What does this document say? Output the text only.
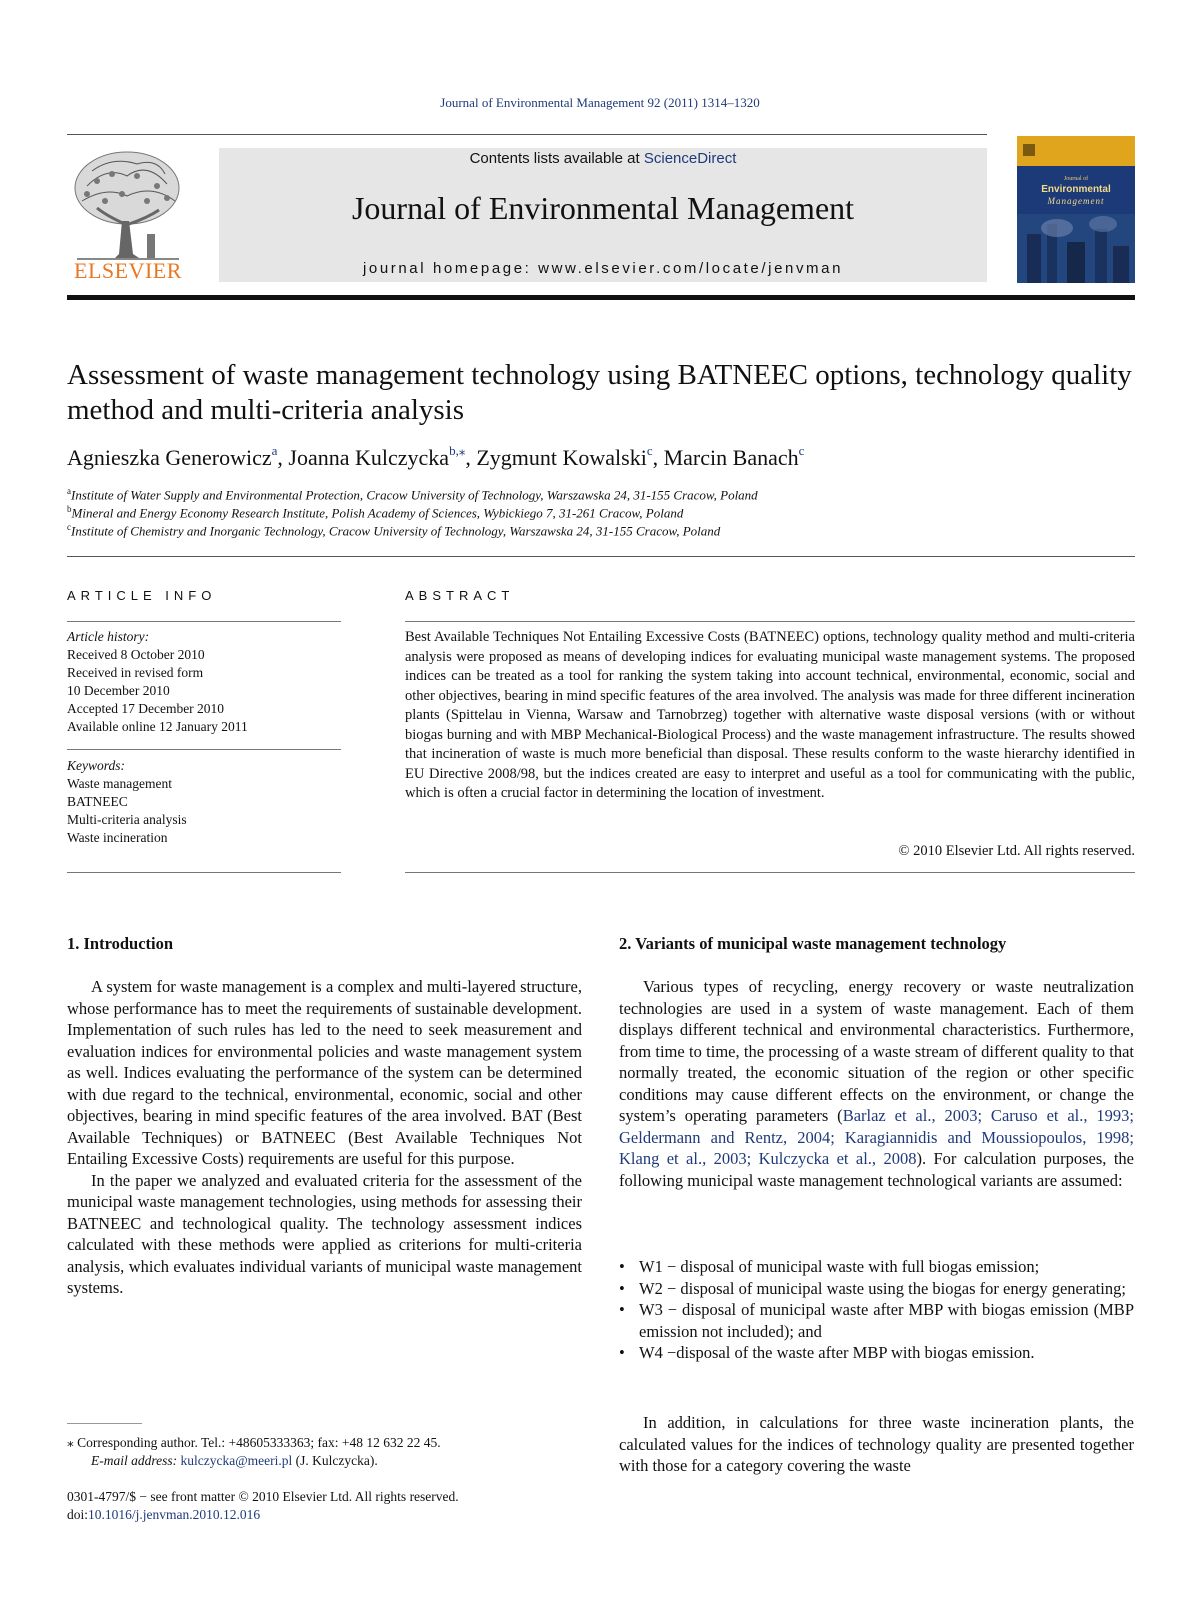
Journal of Environmental Management 92 (2011) 1314–1320
ELSEVIER
Contents lists available at ScienceDirect
Journal of Environmental Management
journal homepage: www.elsevier.com/locate/jenvman
Journal of
Environmental
Management
Assessment of waste management technology using BATNEEC options, technology quality method and multi-criteria analysis
Agnieszka Generowicz$^a$, Joanna Kulczycka$^{b,⁎}$, Zygmunt Kowalski$^c$, Marcin Banach$^c$
$^a$Institute of Water Supply and Environmental Protection, Cracow University of Technology, Warszawska 24, 31-155 Cracow, Poland
$^b$Mineral and Energy Economy Research Institute, Polish Academy of Sciences, Wybickiego 7, 31-261 Cracow, Poland
$^c$Institute of Chemistry and Inorganic Technology, Cracow University of Technology, Warszawska 24, 31-155 Cracow, Poland
ARTICLE INFO
Article history:
Received 8 October 2010
Received in revised form
10 December 2010
Accepted 17 December 2010
Available online 12 January 2011
Keywords:
Waste management
BATNEEC
Multi-criteria analysis
Waste incineration
ABSTRACT
Best Available Techniques Not Entailing Excessive Costs (BATNEEC) options, technology quality method and multi-criteria analysis were proposed as means of developing indices for evaluating municipal waste management systems. The proposed indices can be treated as a tool for ranking the system taking into account technical, environmental, economic, social and other objectives, bearing in mind specific features of the area involved. The analysis was made for three different incineration plants (Spittelau in Vienna, Warsaw and Tarnobrzeg) together with alternative waste disposal versions (with or without biogas burning and with MBP Mechanical-Biological Process) and the waste management infrastructure. The results showed that incineration of waste is much more beneficial than disposal. These results conform to the waste hierarchy identified in EU Directive 2008/98, but the indices created are easy to interpret and useful as a tool for communicating with the public, which is often a crucial factor in determining the location of investment.
© 2010 Elsevier Ltd. All rights reserved.
1. Introduction

A system for waste management is a complex and multi-layered structure, whose performance has to meet the requirements of sustainable development. Implementation of such rules has led to the need to seek measurement and evaluation indices for environmental policies and waste management system as well. Indices evaluating the performance of the system can be determined with due regard to the technical, environmental, economic, social and other objectives, bearing in mind specific features of the area involved. BAT (Best Available Techniques) or BATNEEC (Best Available Techniques Not Entailing Excessive Costs) requirements are useful for this purpose.

In the paper we analyzed and evaluated criteria for the assessment of the municipal waste management technologies, using methods for assessing their BATNEEC and technological quality. The technology assessment indices calculated with these methods were applied as criterions for multi-criteria analysis, which evaluates individual variants of municipal waste management systems.

2. Variants of municipal waste management technology

Various types of recycling, energy recovery or waste neutralization technologies are used in a system of waste management. Each of them displays different technical and environmental characteristics. Furthermore, from time to time, the processing of a waste stream of different quality to that normally treated, the economic situation of the region or other specific conditions may cause different effects on the environment, or change the system’s operating parameters (Barlaz et al., 2003; Caruso et al., 1993; Geldermann and Rentz, 2004; Karagiannidis and Moussiopoulos, 1998; Klang et al., 2003; Kulczycka et al., 2008). For calculation purposes, the following municipal waste management technological variants are assumed:

• W1 − disposal of municipal waste with full biogas emission;
• W2 − disposal of municipal waste using the biogas for energy generating;
• W3 − disposal of municipal waste after MBP with biogas emission (MBP emission not included); and
• W4 −disposal of the waste after MBP with biogas emission.

In addition, in calculations for three waste incineration plants, the calculated values for the indices of technology quality are presented together with those for a category covering the waste

⁎ Corresponding author. Tel.: +48605333363; fax: +48 12 632 22 45.
E-mail address: kulczycka@meeri.pl (J. Kulczycka).
0301-4797/$ − see front matter © 2010 Elsevier Ltd. All rights reserved.
doi:10.1016/j.jenvman.2010.12.016
